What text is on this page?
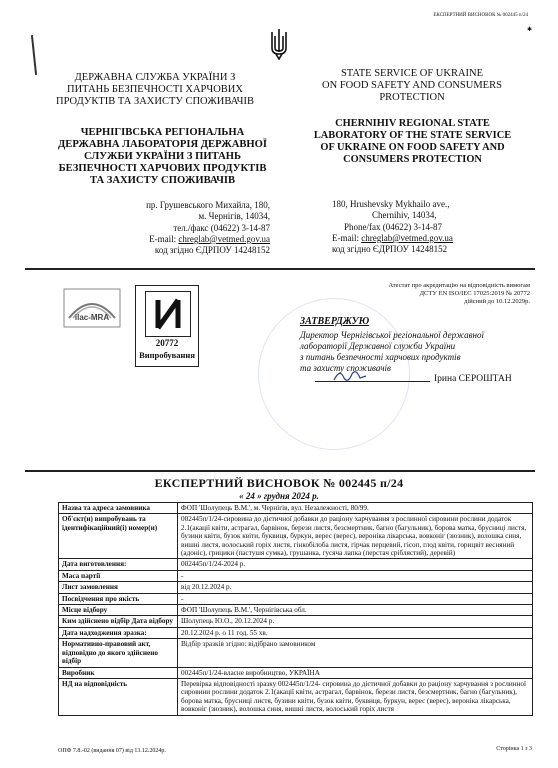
ЕКСПЕРТНИЙ ВИСНОВОК № 002445 п/24
✱
ДЕРЖАВНА СЛУЖБА УКРАЇНИ З
ПИТАНЬ БЕЗПЕЧНОСТІ ХАРЧОВИХ
ПРОДУКТІВ ТА ЗАХИСТУ СПОЖИВАЧІВ
STATE SERVICE OF UKRAINE
ON FOOD SAFETY AND CONSUMERS
PROTECTION
ЧЕРНІГІВСЬКА РЕГІОНАЛЬНА
ДЕРЖАВНА ЛАБОРАТОРІЯ ДЕРЖАВНОЇ
СЛУЖБИ УКРАЇНИ З ПИТАНЬ
БЕЗПЕЧНОСТІ ХАРЧОВИХ ПРОДУКТІВ
ТА ЗАХИСТУ СПОЖИВАЧІВ
CHERNIHIV REGIONAL STATE
LABORATORY OF THE STATE SERVICE
OF UKRAINE ON FOOD SAFETY AND
CONSUMERS PROTECTION
пр. Грушевського Михайла, 180,
м. Чернігів, 14034,
тел./факс (04622) 3-14-87
E-mail: chreglab@vetmed.gov.ua
код згідно ЄДРПОУ 14248152
180, Hrushevsky Mykhailo ave.,
Chernihiv, 14034,
Phone/fax (04622) 3-14-87
E-mail: chreglab@vetmed.gov.ua
код згідно ЄДРПОУ 14248152
Атестат про акредитацію на відповідність вимогам
ДСТУ EN ISO/IEC 17025:2019 № 20772
дійсний до 10.12.2029р.
ilac-MRA
20772
Випробування
ЗАТВЕРДЖУЮ
Директор Чернігівської регіональної державної
лабораторії Державної служби України
з питань безпечності харчових продуктів
та захисту споживачів
Ірина СЕРОШТАН
ЕКСПЕРТНИЙ ВИСНОВОК № 002445 п/24
« 24 » грудня 2024 р.
Назва та адреса замовника	ФОП 'Шолупець В.М.', м. Чернігів, вул. Незалежності, 80/99.
Об'єкт(и) випробувань та ідентифікаційний(і) номер(и)	002445п/1/24-сировина до дієтичної добавки до раціону харчування з рослинної сировини рослини додаток 2.1(акації квіти, астрагал, барвінок, берези листя, безсмертник, багно (багульник), борова матка, брусниці листя, бузини квіти, бузок квіти, буквиця, буркун, верес (верес), вероніка лікарська, вовконіг (зюзник), волошка синя, вишні листя, волоський горіх листя, гінкобілоба листя, гірчак перцевий, гісоп, глод квіти, горицвіт весняний (адоніс), грицики (пастушя сумка), грушанка, гусяча лапка (перстач сріблястий), деревій)
Дата виготовлення:	002445п/1/24-2024 р.
Маса партії	-
Лист замовлення	від 20.12.2024 р.
Посвідчення про якість	-
Місце відбору	ФОП 'Шолупець В.М.', Чернігівська обл.
Ким здійснено відбір Дата відбору	Шолупець Ю.О., 20.12.2024 р.
Дата надходження зразка:	20.12.2024 р. о 11 год. 55 хв.
Нормативно-правовий акт, відповідно до якого здійснено відбір	Відбір зразків згідно: відібрано замовником
Виробник	002445п/1/24-власне виробництво, УКРАЇНА
НД на відповідність	Перевірка відповідності зразку 002445п/1/24- сировина до дієтичної добавки до раціону харчування з рослинної сировини рослини додаток 2.1(акації квіти, астрагал, барвінок, берези листя, безсмертник, багно (багульник), борова матка, брусниці листя, бузини квіти, бузок квіти, буквиця, буркун, верес (верес), вероніка лікарська, вовконіг (зюзник), волошка синя, вишні листя, волоський горіх листя
ОПФ 7.8.-02 (видання 07) від 13.12.2024р.	Сторінка 1 з 3
